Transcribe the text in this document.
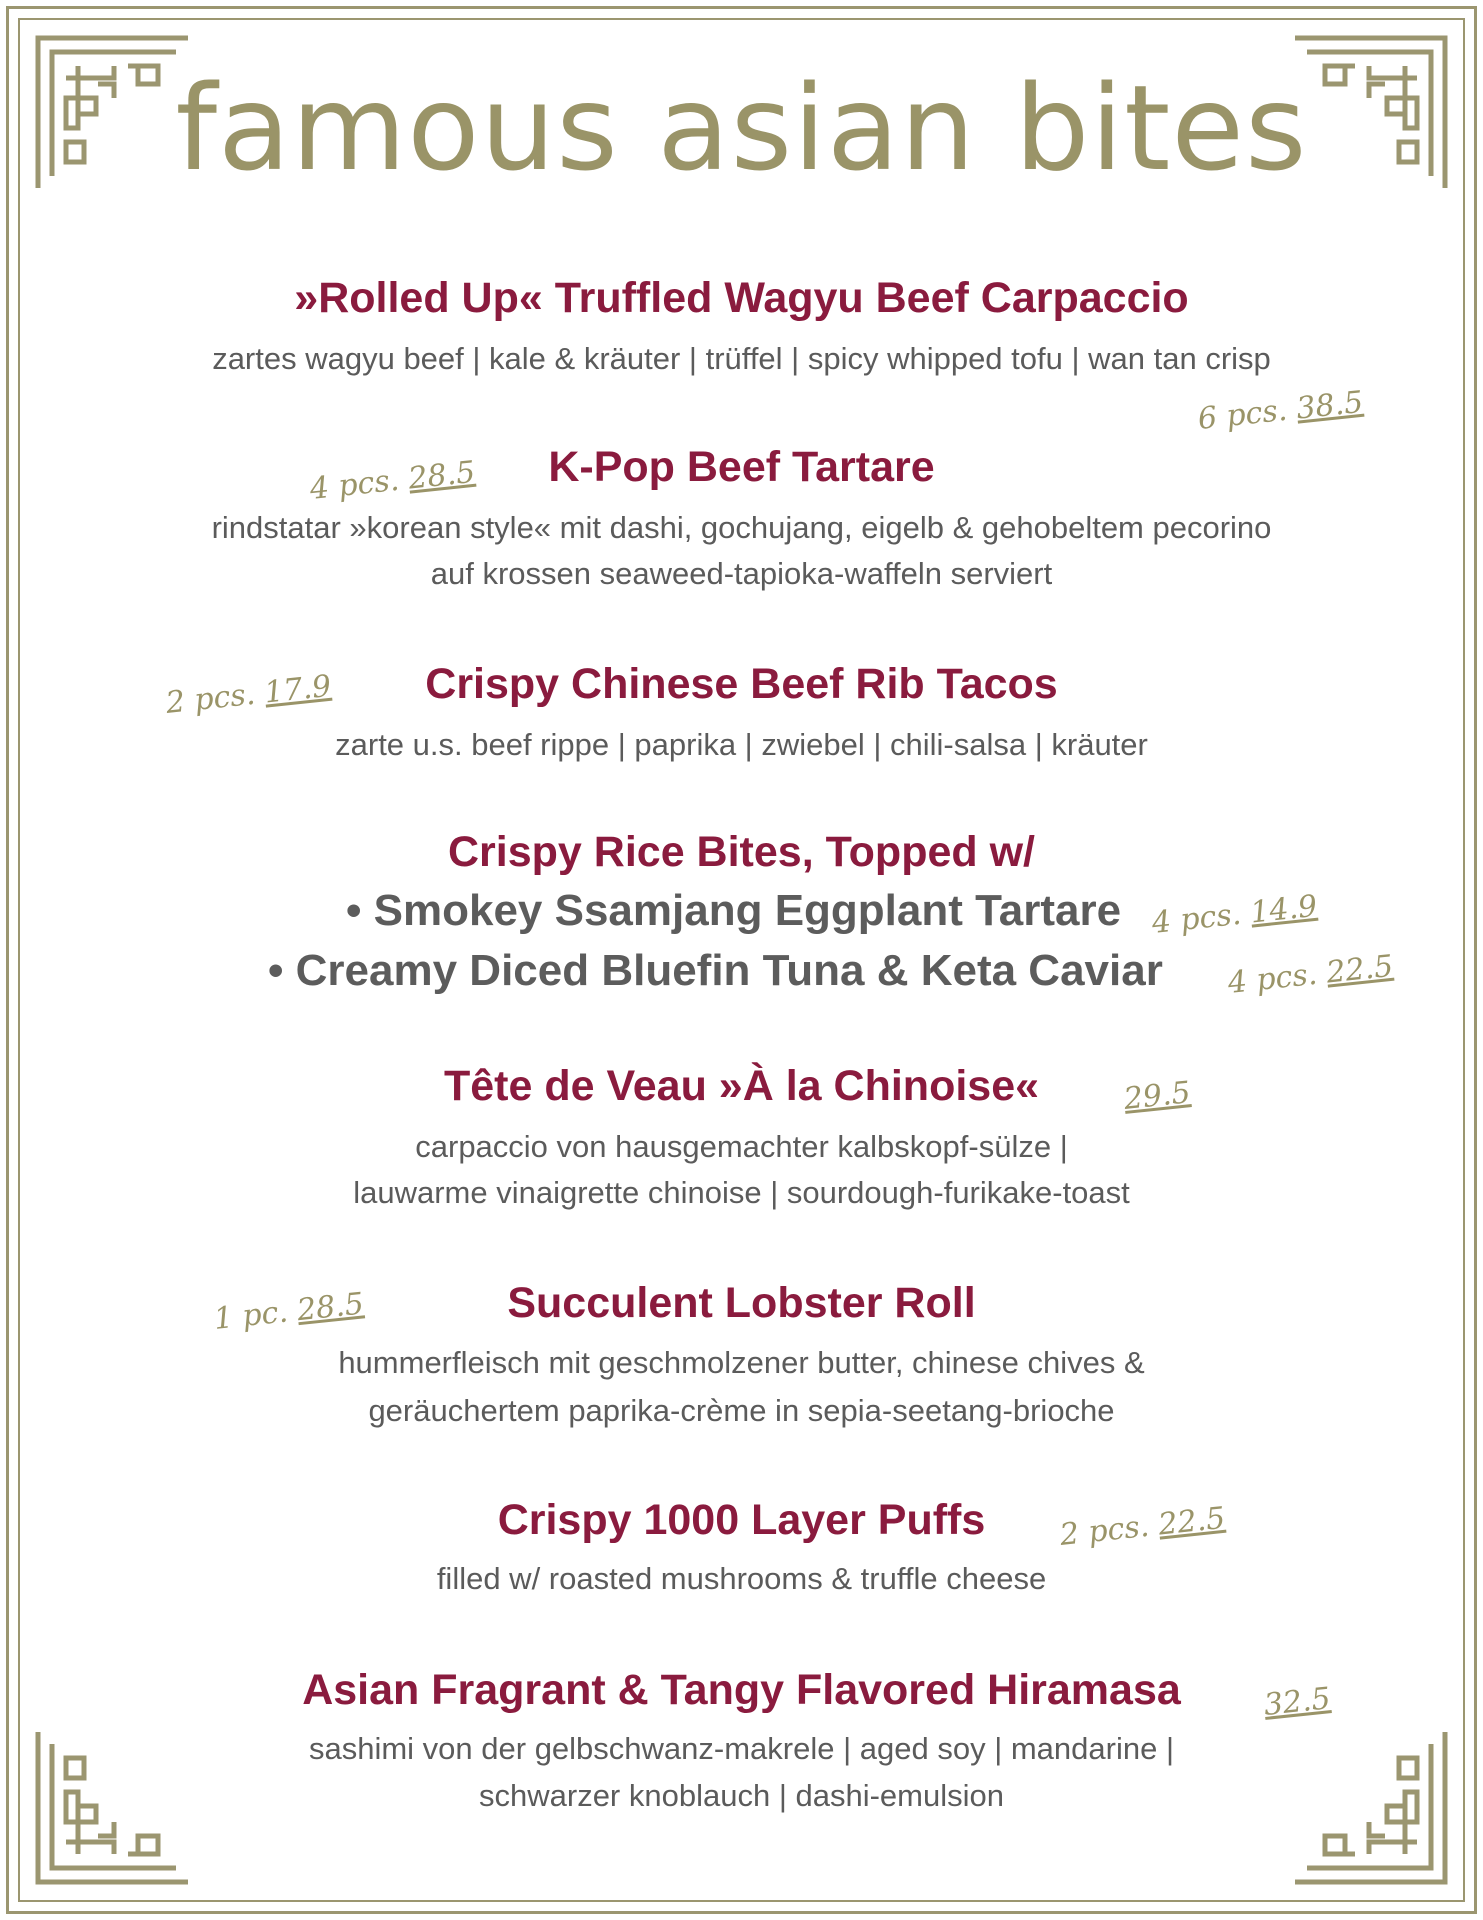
famous asian bites
»Rolled Up« Truffled Wagyu Beef Carpaccio
zartes wagyu beef | kale & kräuter | trüffel | spicy whipped tofu | wan tan crisp
6 pcs. 38.5
4 pcs. 28.5	K-Pop Beef Tartare
rindstatar »korean style« mit dashi, gochujang, eigelb & gehobeltem pecorino
auf krossen seaweed-tapioka-waffeln serviert
2 pcs. 17.9	Crispy Chinese Beef Rib Tacos
zarte u.s. beef rippe | paprika | zwiebel | chili-salsa | kräuter
Crispy Rice Bites, Topped w/
• Smokey Ssamjang Eggplant Tartare 4 pcs. 14.9
• Creamy Diced Bluefin Tuna & Keta Caviar 4 pcs. 22.5
Tête de Veau »À la Chinoise«	29.5
carpaccio von hausgemachter kalbskopf-sülze |
lauwarme vinaigrette chinoise | sourdough-furikake-toast
1 pc. 28.5	Succulent Lobster Roll
hummerfleisch mit geschmolzener butter, chinese chives &
geräuchertem paprika-crème in sepia-seetang-brioche
Crispy 1000 Layer Puffs	2 pcs. 22.5
filled w/ roasted mushrooms & truffle cheese
Asian Fragrant & Tangy Flavored Hiramasa	32.5
sashimi von der gelbschwanz-makrele | aged soy | mandarine |
schwarzer knoblauch | dashi-emulsion
